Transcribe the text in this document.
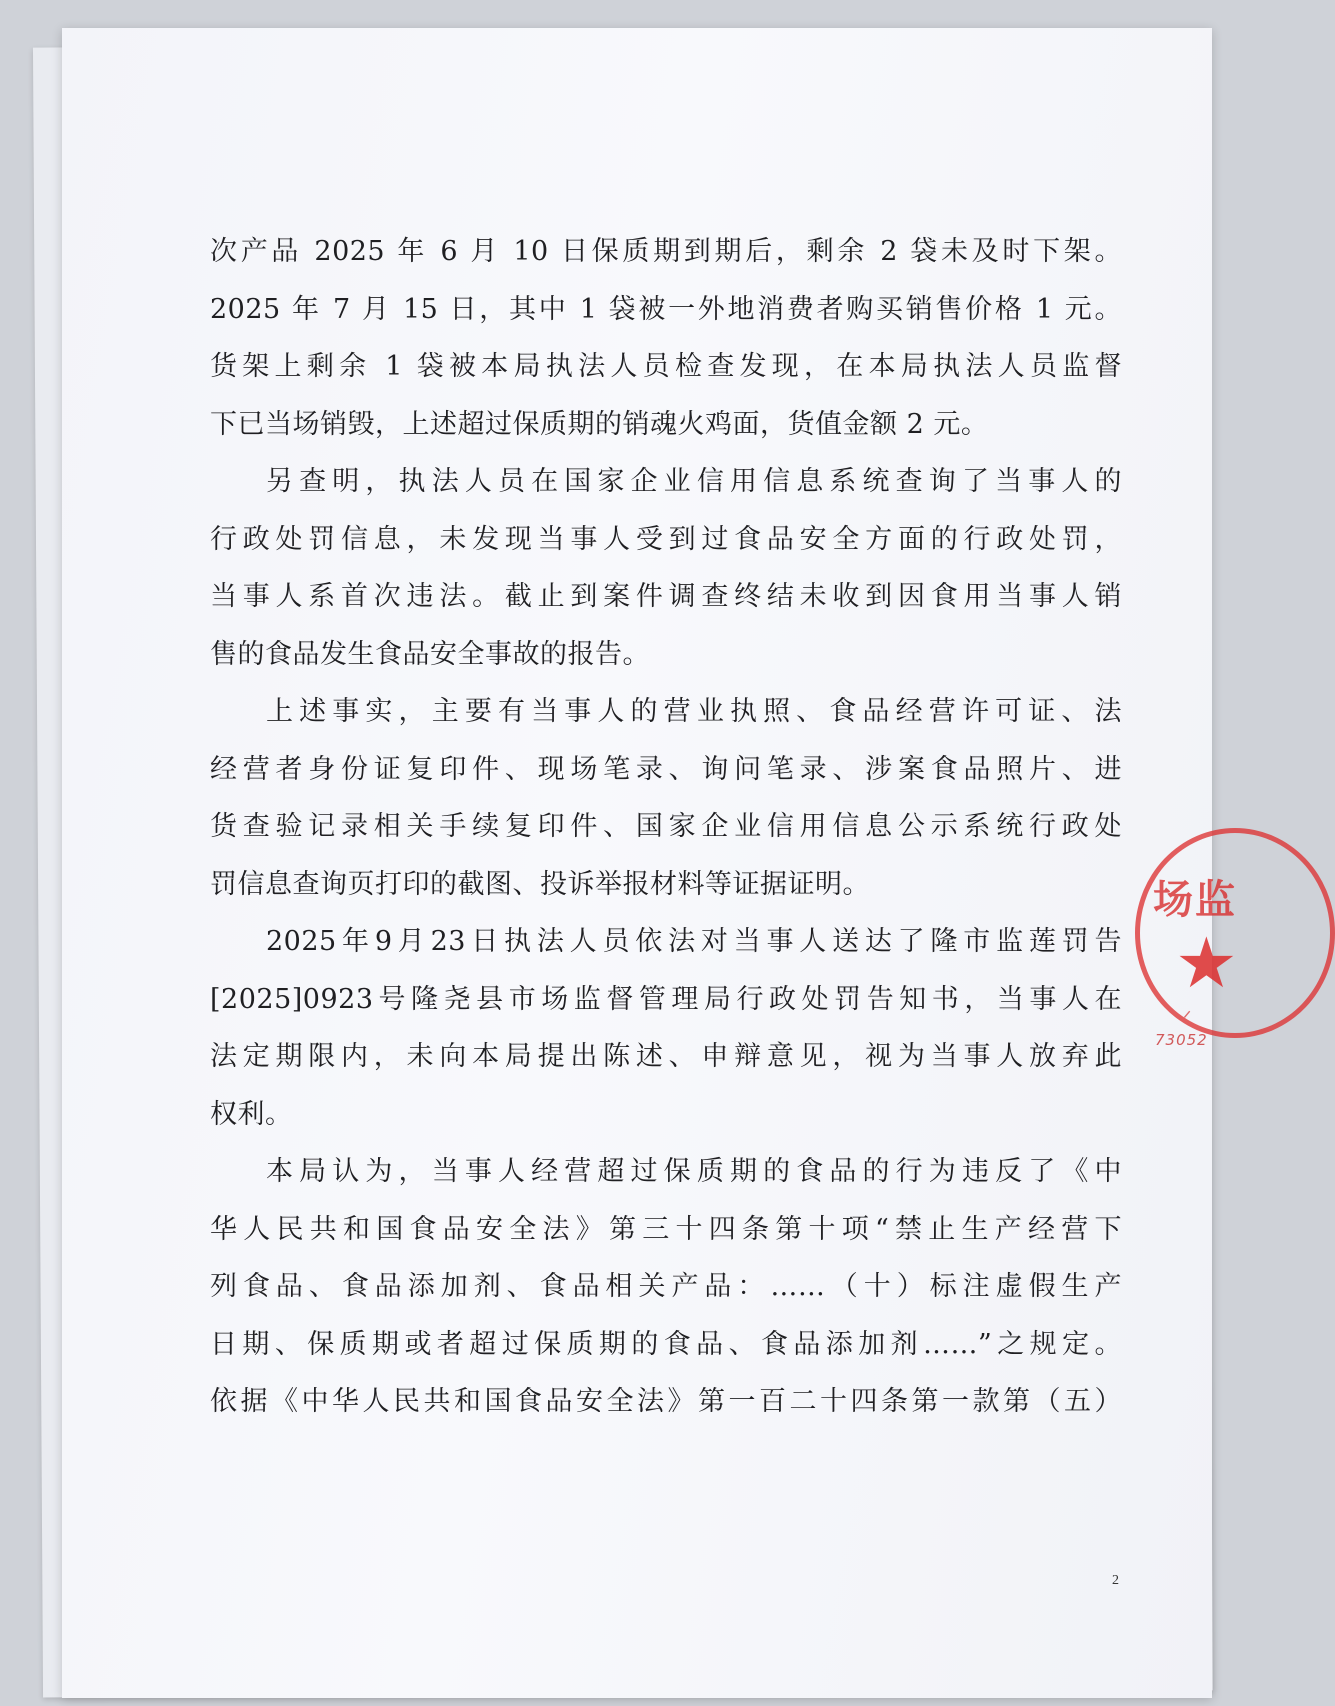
次产品 2025 年 6 月 10 日保质期到期后，剩余 2 袋未及时下架。
2025 年 7 月 15 日，其中 1 袋被一外地消费者购买销售价格 1 元。
货架上剩余 1 袋被本局执法人员检查发现，在本局执法人员监督
下已当场销毁，上述超过保质期的销魂火鸡面，货值金额 2 元。
另查明，执法人员在国家企业信用信息系统查询了当事人的
行政处罚信息，未发现当事人受到过食品安全方面的行政处罚，
当事人系首次违法。截止到案件调查终结未收到因食用当事人销
售的食品发生食品安全事故的报告。
上述事实，主要有当事人的营业执照、食品经营许可证、法
经营者身份证复印件、现场笔录、询问笔录、涉案食品照片、进
货查验记录相关手续复印件、国家企业信用信息公示系统行政处
罚信息查询页打印的截图、投诉举报材料等证据证明。
2025年9月23日执法人员依法对当事人送达了隆市监莲罚告
[2025]0923号隆尧县市场监督管理局行政处罚告知书，当事人在
法定期限内，未向本局提出陈述、申辩意见，视为当事人放弃此
权利。
本局认为，当事人经营超过保质期的食品的行为违反了《中
华人民共和国食品安全法》第三十四条第十项“禁止生产经营下
列食品、食品添加剂、食品相关产品：……（十）标注虚假生产
日期、保质期或者超过保质期的食品、食品添加剂……”之规定。
依据《中华人民共和国食品安全法》第一百二十四条第一款第（五）
2
场监
★
ᐟ
73052
